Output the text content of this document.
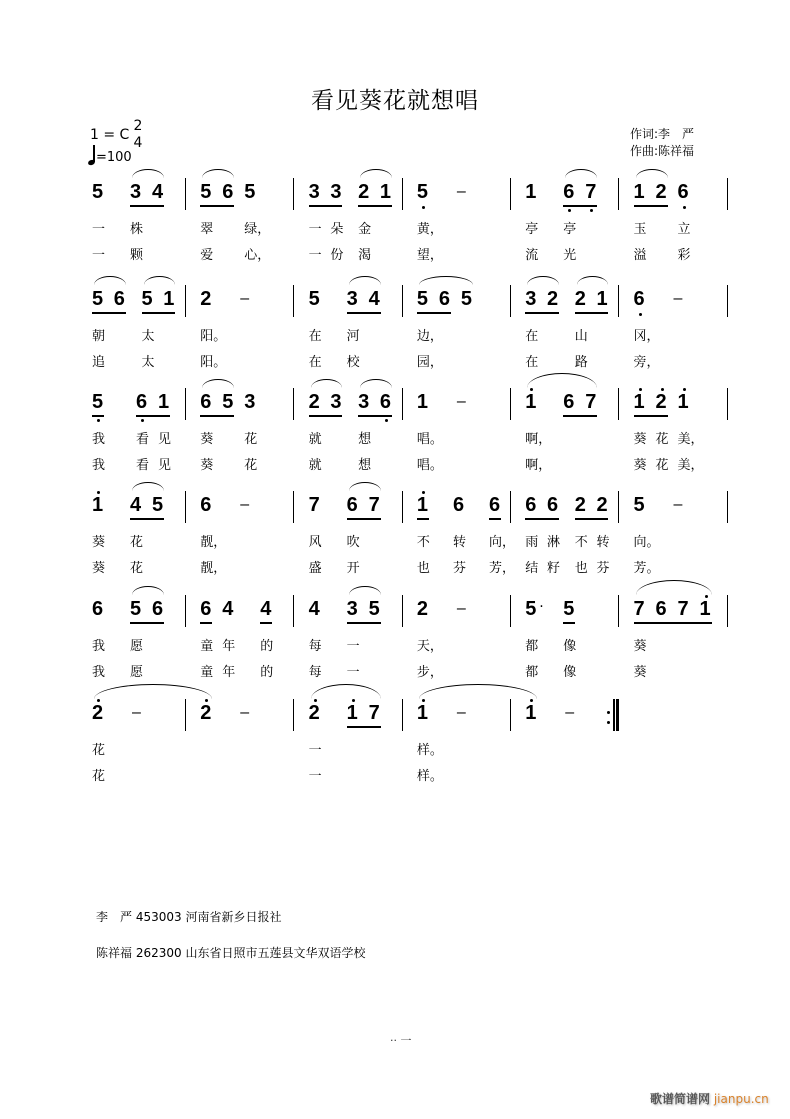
看见葵花就想唱
1 = C
2
4
=100
作词:李　严
作曲:陈祥福
5
一
一
3
株
颗
4 5
翠
爱
6 5
绿，
心，
3
一
一
3
朵
份
2
金
渴
1 5
黄，
望，
–	1
亭
流
6
亭
光
7 1
玉
溢
2 6
立
彩
5
朝
追
6 5
太
太
1 2
阳。
阳。
–	5
在
在
3
河
校
4 5
边，
园，
6 5	3
在
在
2 2
山
路
1 6
冈，
旁，
–
5
我
我
6
看
看
1
见
见
6
葵
葵
5 3
花
花
2
就
就
3 3
想
想
6 1
唱。
唱。
–	1
啊，
啊，
6 7 1
葵
葵
2
花
花
1
美，
美，
1
葵
葵
4
花
花
5 6
靓，
靓，
–	7
风
盛
6
吹
开
7 1
不
也
6
转
芬
6
向，
芳，
6
雨
结
6
淋
籽
2
不
也
2
转
芬
5
向。
芳。
–
6
我
我
5
愿
愿
6 6
童
童
4
年
年
4
的
的
4
每
每
3
一
一
5 2
天，
步，
–	5 ·
都
都
5
像
像
7
葵
葵
6 7 1
2
花
花
–	2 –	2
一
一
1 7 1
样。
样。
–	1 –
李　严 453003 河南省新乡日报社
陈祥福 262300 山东省日照市五莲县文华双语学校
·· 一
歌谱简谱网 jianpu.cn
